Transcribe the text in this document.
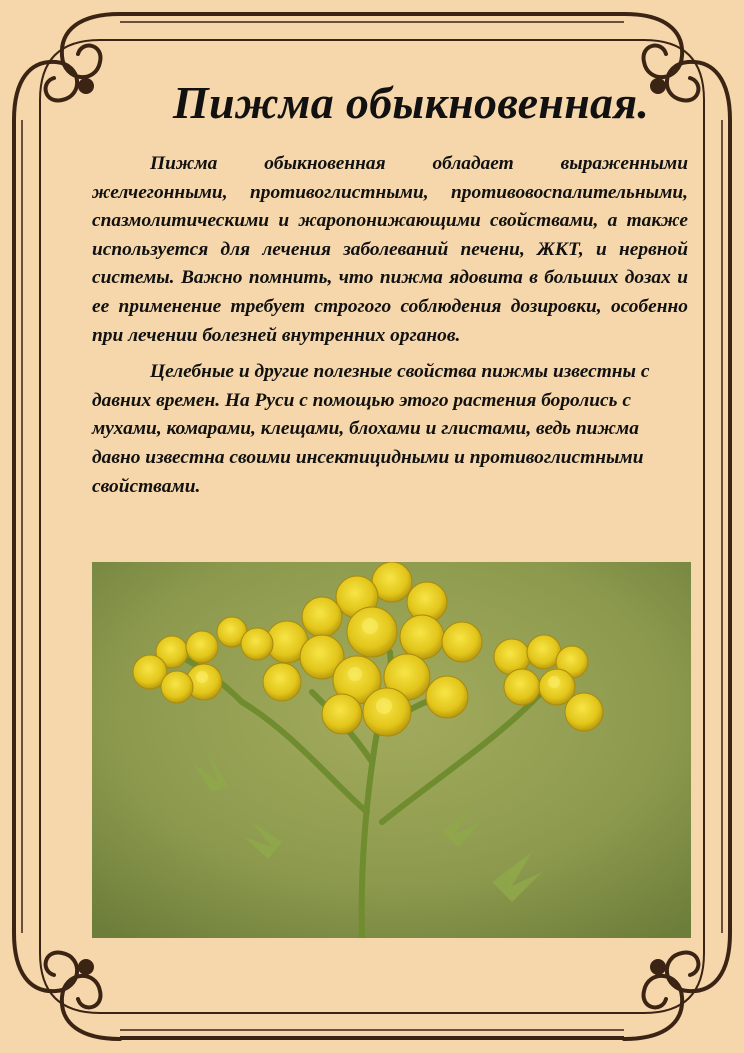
Пижма обыкновенная.

Пижма обыкновенная обладает выраженными желчегонными, противоглистными, противовоспалительными, спазмолитическими и жаропонижающими свойствами, а также используется для лечения заболеваний печени, ЖКТ, и нервной системы. Важно помнить, что пижма ядовита в больших дозах и ее применение требует строгого соблюдения дозировки, особенно при лечении болезней внутренних органов.

Целебные и другие полезные свойства пижмы известны с давних времен. На Руси с помощью этого растения боролись с мухами, комарами, клещами, блохами и глистами, ведь пижма давно известна своими инсектицидными и противоглистными свойствами.
